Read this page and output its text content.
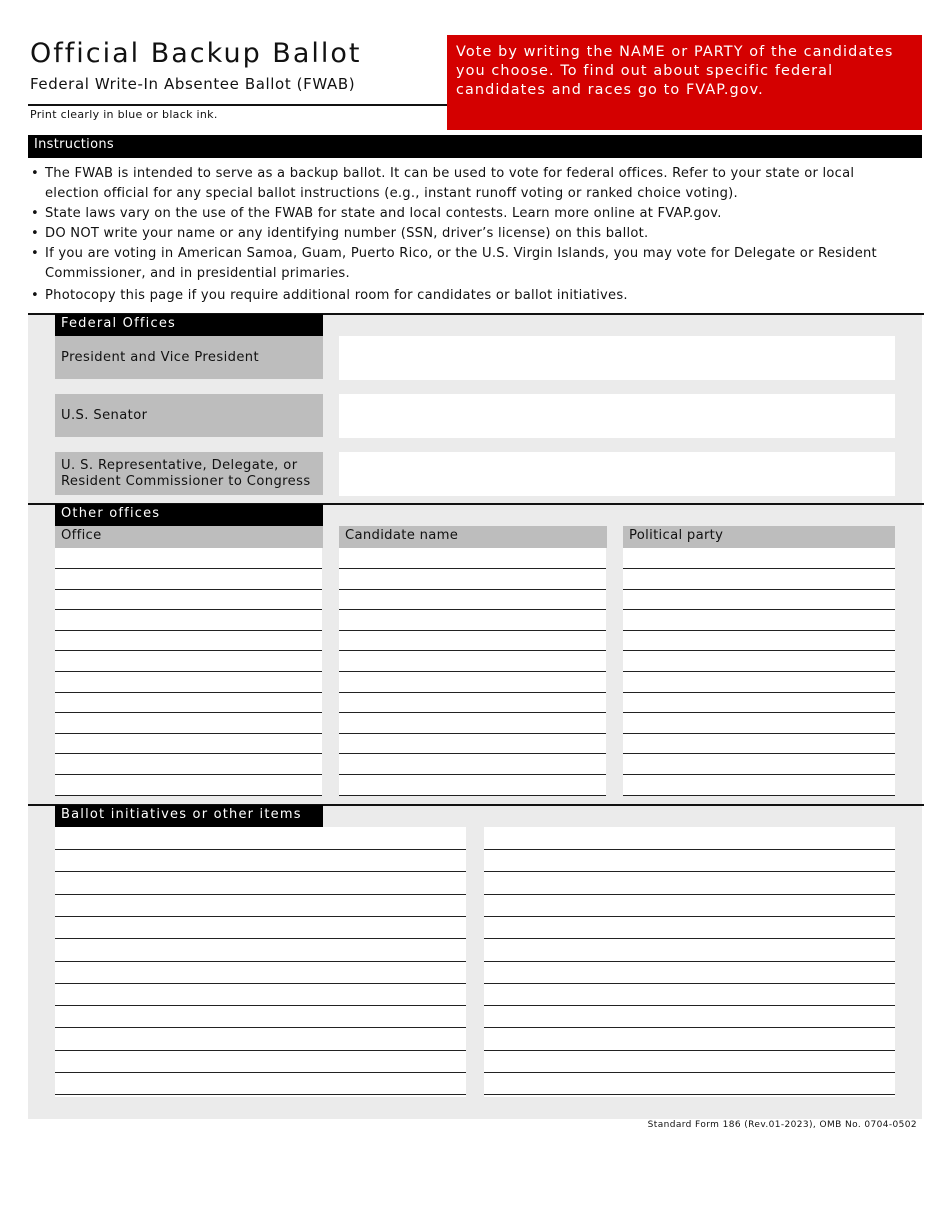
Official Backup Ballot
Federal Write-In Absentee Ballot (FWAB)
Print clearly in blue or black ink.
Vote by writing the NAME or PARTY of the candidates you choose. To find out about specific federal candidates and races go to FVAP.gov.
Instructions
• The FWAB is intended to serve as a backup ballot. It can be used to vote for federal offices. Refer to your state or local election official for any special ballot instructions (e.g., instant runoff voting or ranked choice voting).
• State laws vary on the use of the FWAB for state and local contests. Learn more online at FVAP.gov.
• DO NOT write your name or any identifying number (SSN, driver’s license) on this ballot.
• If you are voting in American Samoa, Guam, Puerto Rico, or the U.S. Virgin Islands, you may vote for Delegate or Resident Commissioner, and in presidential primaries.
• Photocopy this page if you require additional room for candidates or ballot initiatives.
Federal Offices
President and Vice President
U.S. Senator
U. S. Representative, Delegate, or Resident Commissioner to Congress
Other offices
Office	Candidate name	Political party
Ballot initiatives or other items
Standard Form 186 (Rev.01-2023), OMB No. 0704-0502
